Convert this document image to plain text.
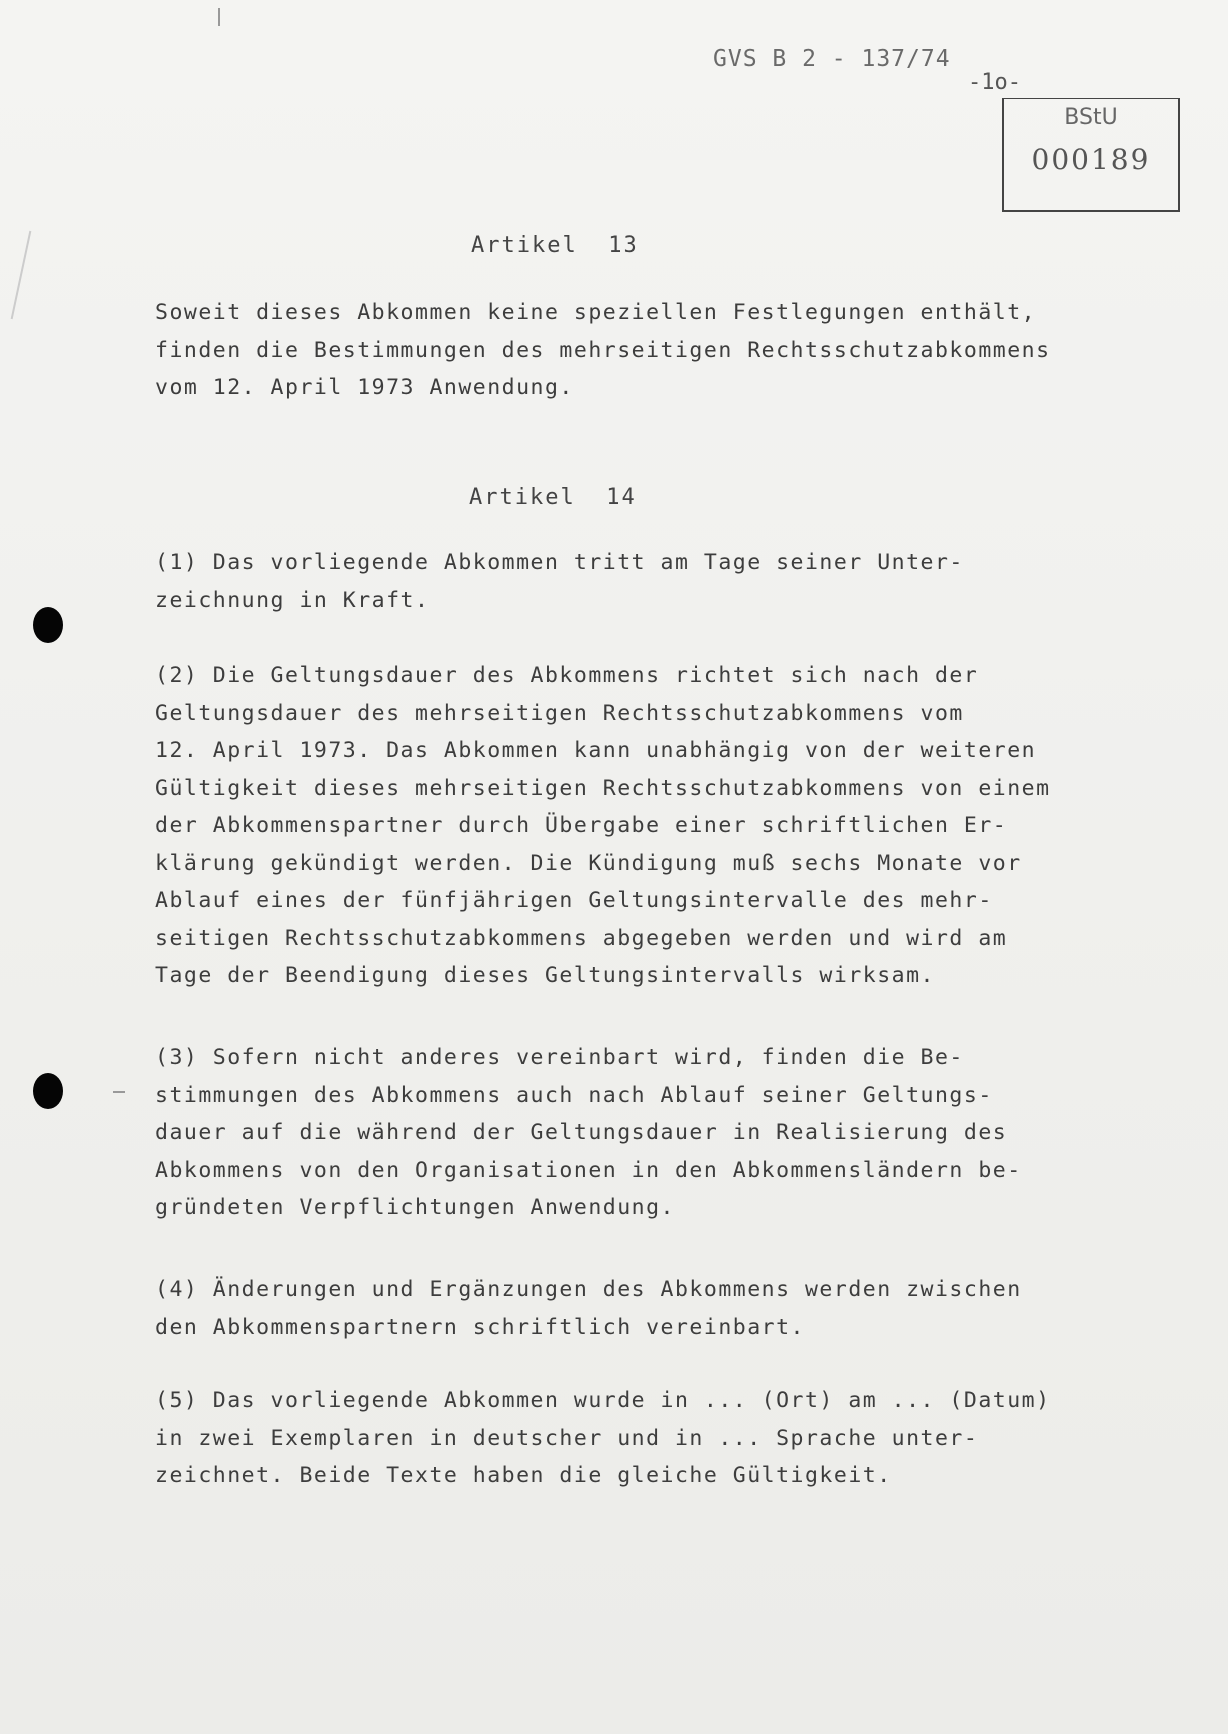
GVS B 2 - 137/74
-1o-
BStU
000189
Artikel  13
Soweit dieses Abkommen keine speziellen Festlegungen enthält,
finden die Bestimmungen des mehrseitigen Rechtsschutzabkommens
vom 12. April 1973 Anwendung.
Artikel  14
(1) Das vorliegende Abkommen tritt am Tage seiner Unter-
zeichnung in Kraft.
(2) Die Geltungsdauer des Abkommens richtet sich nach der
Geltungsdauer des mehrseitigen Rechtsschutzabkommens vom
12. April 1973. Das Abkommen kann unabhängig von der weiteren
Gültigkeit dieses mehrseitigen Rechtsschutzabkommens von einem
der Abkommenspartner durch Übergabe einer schriftlichen Er-
klärung gekündigt werden. Die Kündigung muß sechs Monate vor
Ablauf eines der fünfjährigen Geltungsintervalle des mehr-
seitigen Rechtsschutzabkommens abgegeben werden und wird am
Tage der Beendigung dieses Geltungsintervalls wirksam.
(3) Sofern nicht anderes vereinbart wird, finden die Be-
stimmungen des Abkommens auch nach Ablauf seiner Geltungs-
dauer auf die während der Geltungsdauer in Realisierung des
Abkommens von den Organisationen in den Abkommensländern be-
gründeten Verpflichtungen Anwendung.
(4) Änderungen und Ergänzungen des Abkommens werden zwischen
den Abkommenspartnern schriftlich vereinbart.
(5) Das vorliegende Abkommen wurde in ... (Ort) am ... (Datum)
in zwei Exemplaren in deutscher und in ... Sprache unter-
zeichnet. Beide Texte haben die gleiche Gültigkeit.
